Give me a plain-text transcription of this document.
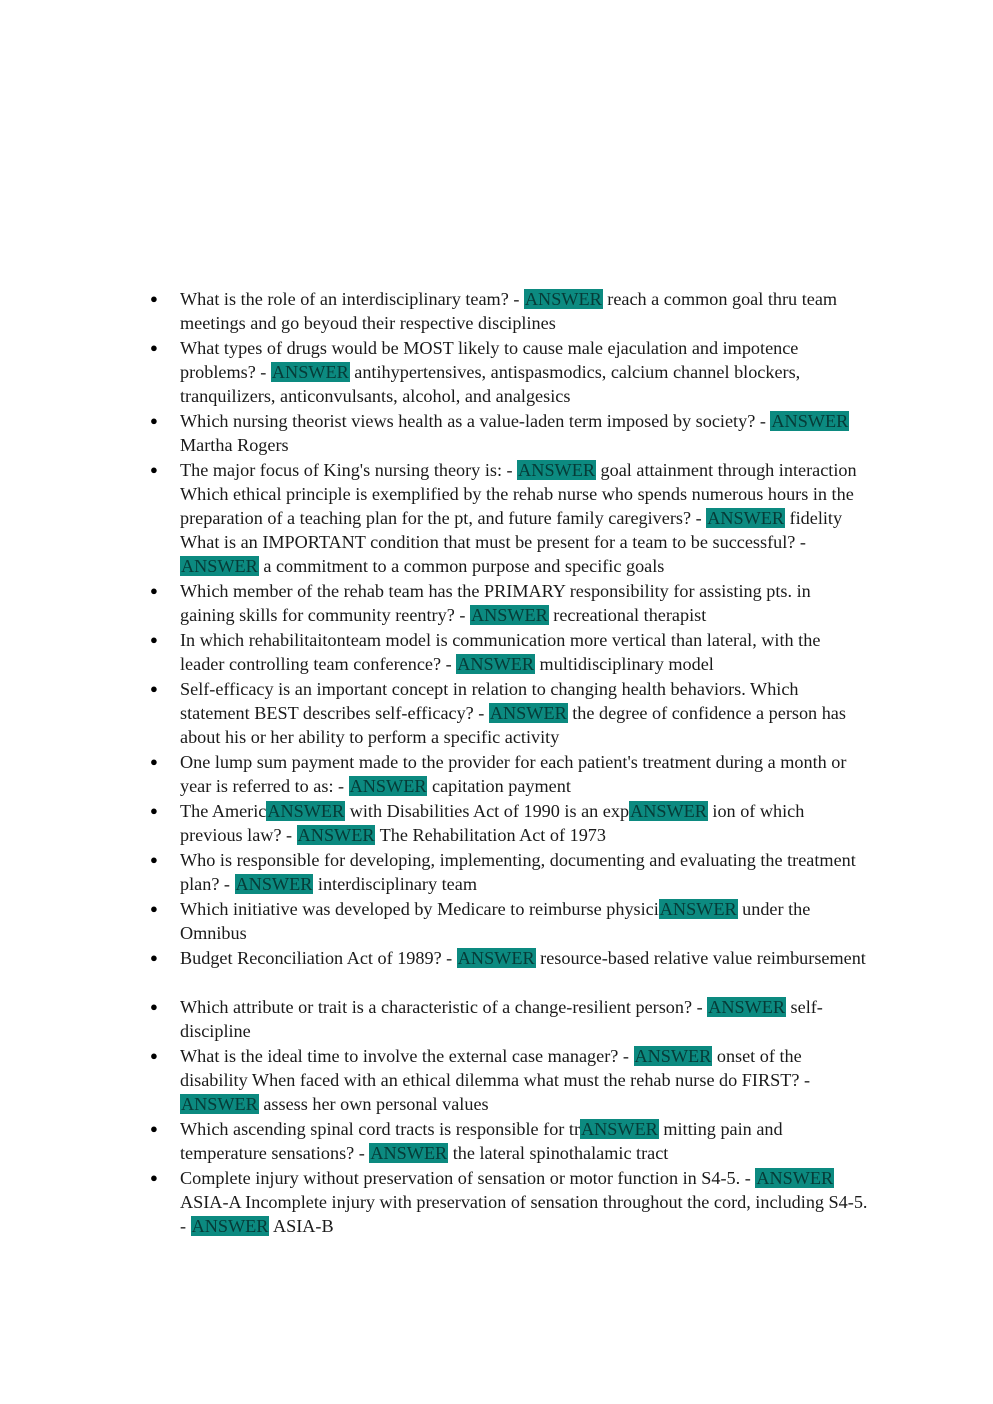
● What is the role of an interdisciplinary team? - ANSWER reach a common goal thru team meetings and go beyoud their respective disciplines
● What types of drugs would be MOST likely to cause male ejaculation and impotence problems? - ANSWER antihypertensives, antispasmodics, calcium channel blockers, tranquilizers, anticonvulsants, alcohol, and analgesics
● Which nursing theorist views health as a value-laden term imposed by society? - ANSWER Martha Rogers
● The major focus of King's nursing theory is: - ANSWER goal attainment through interaction Which ethical principle is exemplified by the rehab nurse who spends numerous hours in the preparation of a teaching plan for the pt, and future family caregivers? - ANSWER fidelity What is an IMPORTANT condition that must be present for a team to be successful? - ANSWER a commitment to a common purpose and specific goals
● Which member of the rehab team has the PRIMARY responsibility for assisting pts. in gaining skills for community reentry? - ANSWER recreational therapist
● In which rehabilitaitonteam model is communication more vertical than lateral, with the leader controlling team conference? - ANSWER multidisciplinary model
● Self-efficacy is an important concept in relation to changing health behaviors. Which statement BEST describes self-efficacy? - ANSWER the degree of confidence a person has about his or her ability to perform a specific activity
● One lump sum payment made to the provider for each patient's treatment during a month or year is referred to as: - ANSWER capitation payment
● The AmericANSWER with Disabilities Act of 1990 is an expANSWER ion of which previous law? - ANSWER The Rehabilitation Act of 1973
● Who is responsible for developing, implementing, documenting and evaluating the treatment plan? - ANSWER interdisciplinary team
● Which initiative was developed by Medicare to reimburse physiciANSWER under the Omnibus
● Budget Reconciliation Act of 1989? - ANSWER resource-based relative value reimbursement
● Which attribute or trait is a characteristic of a change-resilient person? - ANSWER self-discipline
● What is the ideal time to involve the external case manager? - ANSWER onset of the disability When faced with an ethical dilemma what must the rehab nurse do FIRST? - ANSWER assess her own personal values
● Which ascending spinal cord tracts is responsible for trANSWER mitting pain and temperature sensations? - ANSWER the lateral spinothalamic tract
● Complete injury without preservation of sensation or motor function in S4-5. - ANSWER ASIA-A Incomplete injury with preservation of sensation throughout the cord, including S4-5. - ANSWER ASIA-B
